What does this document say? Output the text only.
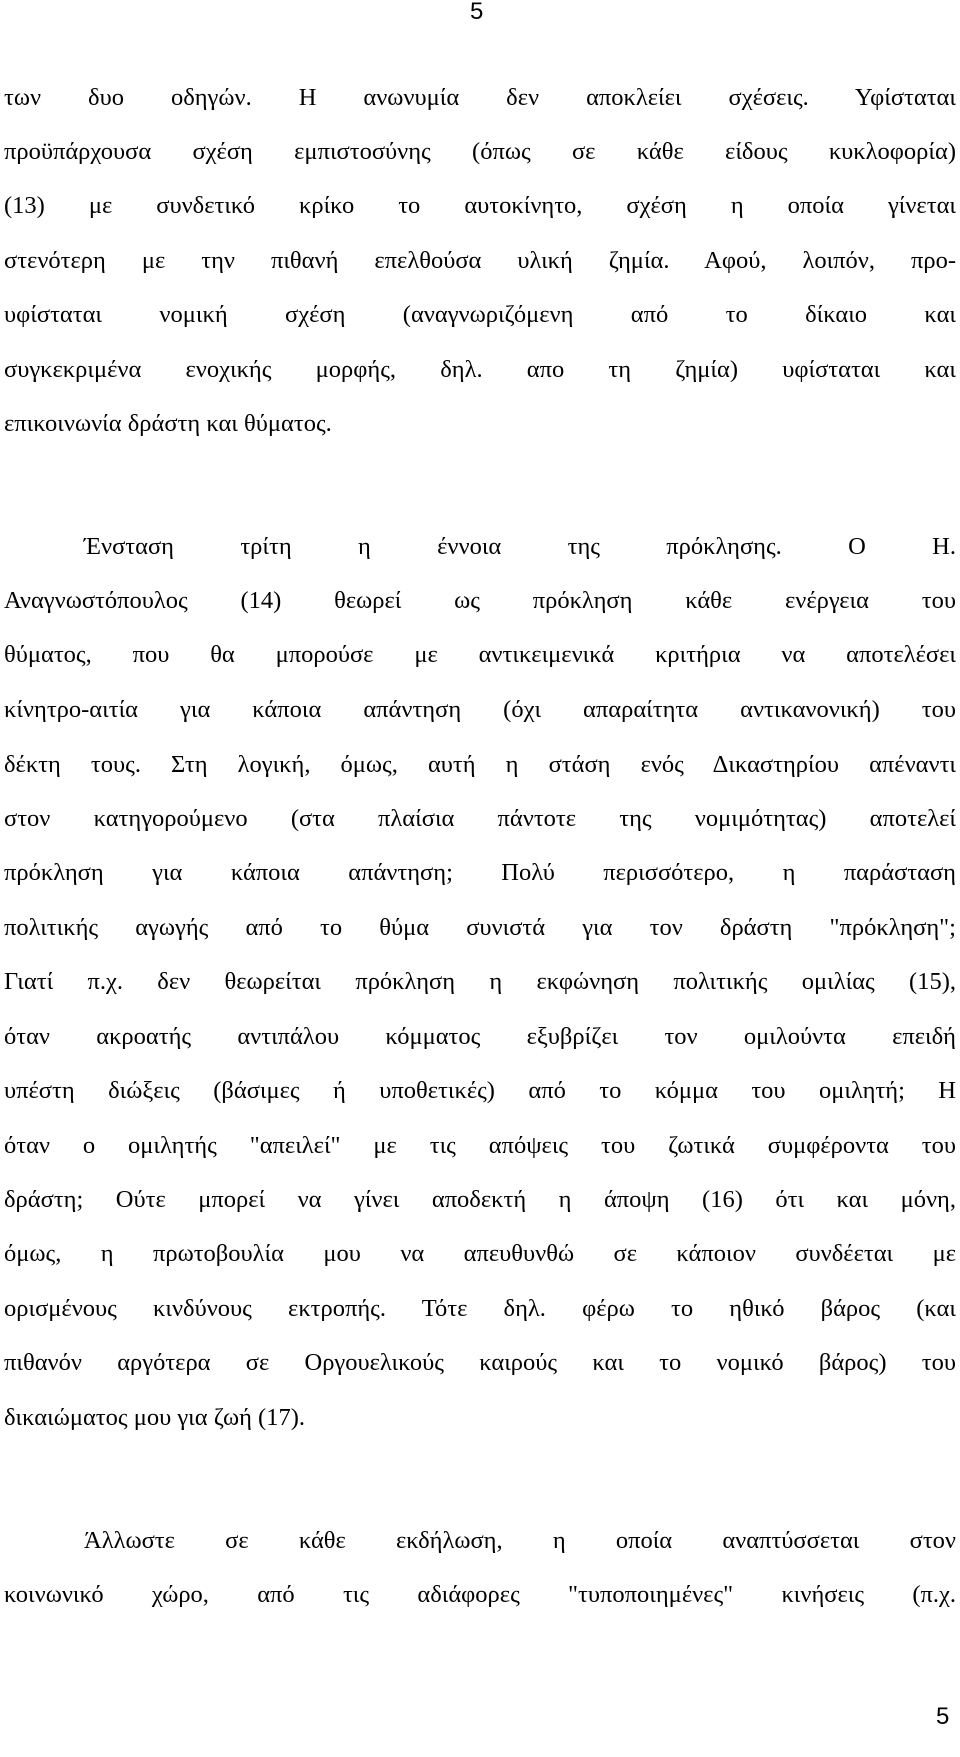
5
των δυο οδηγών. Η ανωνυμία δεν αποκλείει σχέσεις. Υφίσταται
προϋπάρχουσα σχέση εμπιστοσύνης (όπως σε κάθε είδους κυκλοφορία)
(13) με συνδετικό κρίκο το αυτοκίνητο, σχέση η οποία γίνεται
στενότερη με την πιθανή επελθούσα υλική ζημία. Αφού, λοιπόν, προ-
υφίσταται νομική σχέση (αναγνωριζόμενη από το δίκαιο και
συγκεκριμένα ενοχικής μορφής, δηλ. απο τη ζημία) υφίσταται και
επικοινωνία δράστη και θύματος.
Ένσταση τρίτη η έννοια της πρόκλησης. Ο Η.
Αναγνωστόπουλος (14) θεωρεί ως πρόκληση κάθε ενέργεια του
θύματος, που θα μπορούσε με αντικειμενικά κριτήρια να αποτελέσει
κίνητρο-αιτία για κάποια απάντηση (όχι απαραίτητα αντικανονική) του
δέκτη τους. Στη λογική, όμως, αυτή η στάση ενός Δικαστηρίου απέναντι
στον κατηγορούμενο (στα πλαίσια πάντοτε της νομιμότητας) αποτελεί
πρόκληση για κάποια απάντηση; Πολύ περισσότερο, η παράσταση
πολιτικής αγωγής από το θύμα συνιστά για τον δράστη "πρόκληση";
Γιατί π.χ. δεν θεωρείται πρόκληση η εκφώνηση πολιτικής ομιλίας (15),
όταν ακροατής αντιπάλου κόμματος εξυβρίζει τον ομιλούντα επειδή
υπέστη διώξεις (βάσιμες ή υποθετικές) από το κόμμα του ομιλητή; Η
όταν ο ομιλητής "απειλεί" με τις απόψεις του ζωτικά συμφέροντα του
δράστη; Ούτε μπορεί να γίνει αποδεκτή η άποψη (16) ότι και μόνη,
όμως, η πρωτοβουλία μου να απευθυνθώ σε κάποιον συνδέεται με
ορισμένους κινδύνους εκτροπής. Τότε δηλ. φέρω το ηθικό βάρος (και
πιθανόν αργότερα σε Οργουελικούς καιρούς και το νομικό βάρος) του
δικαιώματος μου για ζωή (17).
Άλλωστε σε κάθε εκδήλωση, η οποία αναπτύσσεται στον
κοινωνικό χώρο, από τις αδιάφορες "τυποποιημένες" κινήσεις (π.χ.
5
